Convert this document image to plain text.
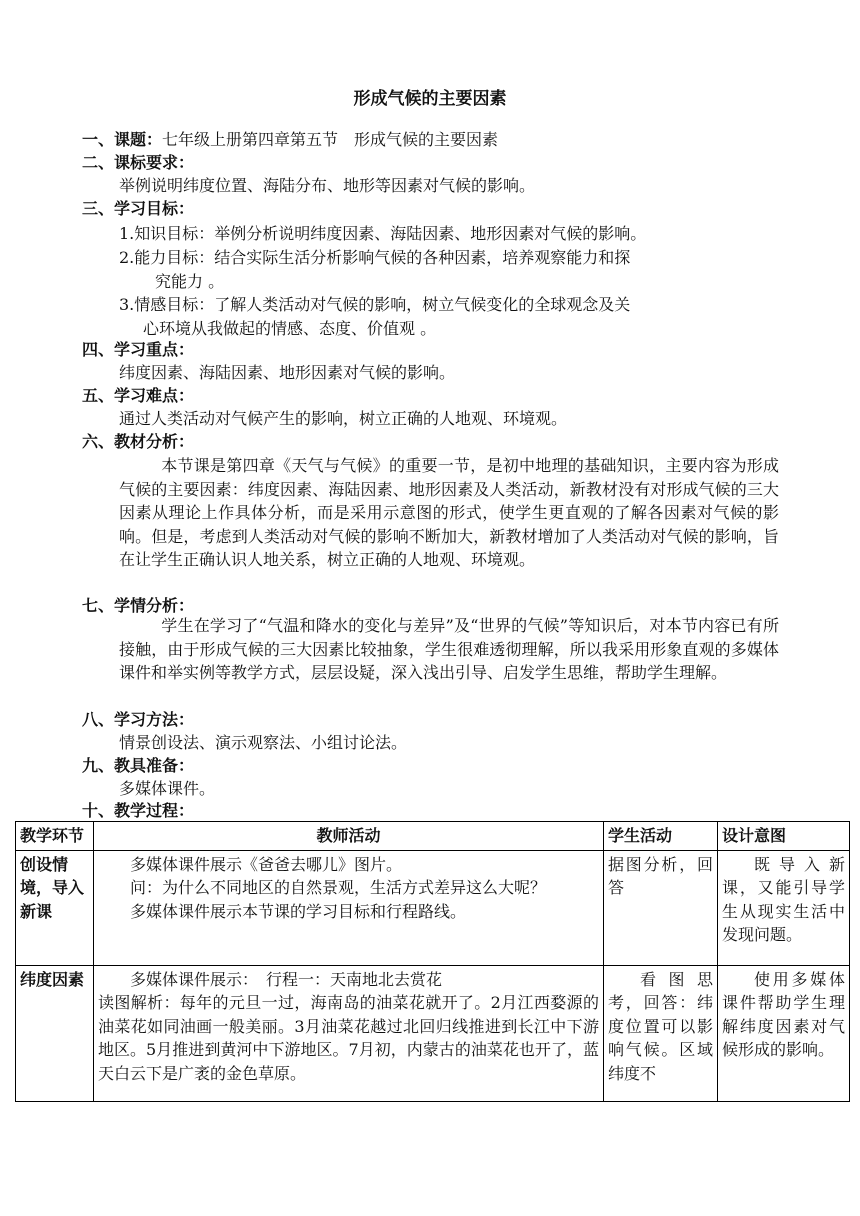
形成气候的主要因素
一、课题：七年级上册第四章第五节　形成气候的主要因素
二、课标要求：
举例说明纬度位置、海陆分布、地形等因素对气候的影响。
三、学习目标：
1.知识目标：举例分析说明纬度因素、海陆因素、地形因素对气候的影响。
2.能力目标：结合实际生活分析影响气候的各种因素，培养观察能力和探
究能力 。
3.情感目标：了解人类活动对气候的影响，树立气候变化的全球观念及关
心环境从我做起的情感、态度、价值观 。
四、学习重点：
纬度因素、海陆因素、地形因素对气候的影响。
五、学习难点：
通过人类活动对气候产生的影响，树立正确的人地观、环境观。
六、教材分析：
本节课是第四章《天气与气候》的重要一节，是初中地理的基础知识，主要内容为形成气候的主要因素：纬度因素、海陆因素、地形因素及人类活动，新教材没有对形成气候的三大因素从理论上作具体分析，而是采用示意图的形式，使学生更直观的了解各因素对气候的影响。但是，考虑到人类活动对气候的影响不断加大，新教材增加了人类活动对气候的影响，旨在让学生正确认识人地关系，树立正确的人地观、环境观。
七、学情分析：
学生在学习了“气温和降水的变化与差异”及“世界的气候”等知识后，对本节内容已有所接触，由于形成气候的三大因素比较抽象，学生很难透彻理解，所以我采用形象直观的多媒体课件和举实例等教学方式，层层设疑，深入浅出引导、启发学生思维，帮助学生理解。
八、学习方法：
情景创设法、演示观察法、小组讨论法。
九、教具准备：
多媒体课件。
十、教学过程：
教学环节	教师活动	学生活动	设计意图
创设情境，导入新课	多媒体课件展示《爸爸去哪儿》图片。
问：为什么不同地区的自然景观，生活方式差异这么大呢？
多媒体课件展示本节课的学习目标和行程路线。	据图分析，回答	既导入新课，又能引导学生从现实生活中发现问题。
纬度因素	多媒体课件展示：　行程一：天南地北去赏花
读图解析：每年的元旦一过，海南岛的油菜花就开了。2月江西婺源的油菜花如同油画一般美丽。3月油菜花越过北回归线推进到长江中下游地区。5月推进到黄河中下游地区。7月初，内蒙古的油菜花也开了，蓝天白云下是广袤的金色草原。	看图思考，回答：纬度位置可以影响气候。区域纬度不	使用多媒体课件帮助学生理解纬度因素对气候形成的影响。
